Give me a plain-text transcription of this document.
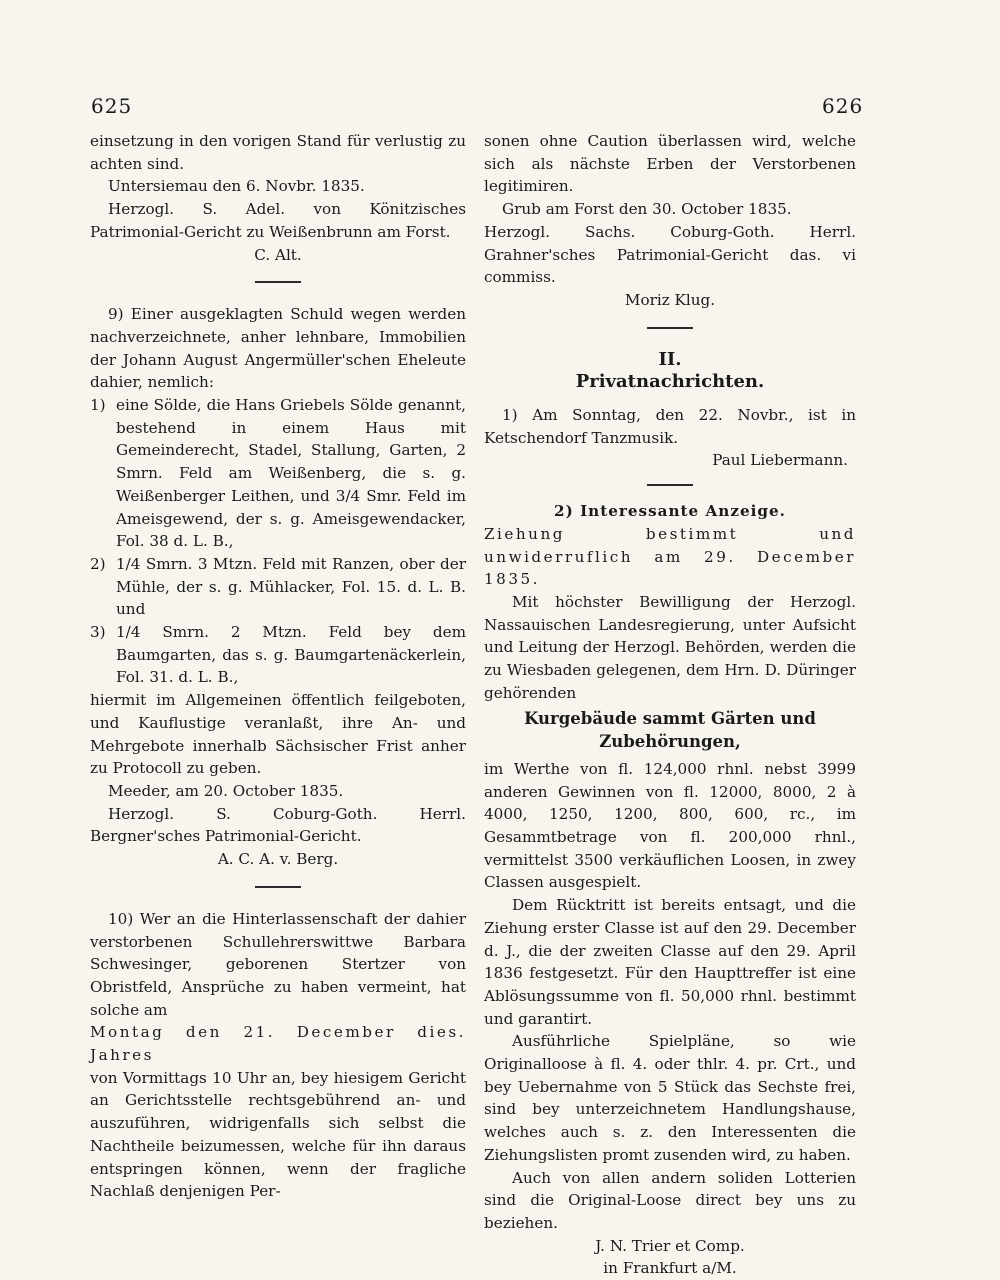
625	626

einsetzung in den vorigen Stand für verlustig zu achten sind.

Untersiemau den 6. Novbr. 1835.

Herzogl. S. Adel. von Könitzisches Patrimonial-Gericht zu Weißenbrunn am Forst.

C. Alt.

9) Einer ausgeklagten Schuld wegen werden nachverzeichnete, anher lehnbare, Immobilien der Johann August Angermüller'schen Eheleute dahier, nemlich:

1) eine Sölde, die Hans Griebels Sölde genannt, bestehend in einem Haus mit Gemeinderecht, Stadel, Stallung, Garten, 2 Smrn. Feld am Weißenberg, die s. g. Weißenberger Leithen, und 3/4 Smr. Feld im Ameisgewend, der s. g. Ameisgewendacker, Fol. 38 d. L. B.,
2) 1/4 Smrn. 3 Mtzn. Feld mit Ranzen, ober der Mühle, der s. g. Mühlacker, Fol. 15. d. L. B. und
3) 1/4 Smrn. 2 Mtzn. Feld bey dem Baumgarten, das s. g. Baumgartenäckerlein, Fol. 31. d. L. B.,

hiermit im Allgemeinen öffentlich feilgeboten, und Kauflustige veranlaßt, ihre An- und Mehrgebote innerhalb Sächsischer Frist anher zu Protocoll zu geben.

Meeder, am 20. October 1835.

Herzogl. S. Coburg-Goth. Herrl. Bergner'sches Patrimonial-Gericht.

A. C. A. v. Berg.

10) Wer an die Hinterlassenschaft der dahier verstorbenen Schullehrerswittwe Barbara Schwesinger, geborenen Stertzer von Obristfeld, Ansprüche zu haben vermeint, hat solche am

Montag den 21. December dies. Jahres

von Vormittags 10 Uhr an, bey hiesigem Gericht an Gerichtsstelle rechtsgebührend an- und auszuführen, widrigenfalls sich selbst die Nachtheile beizumessen, welche für ihn daraus entspringen können, wenn der fragliche Nachlaß denjenigen Per-

sonen ohne Caution überlassen wird, welche sich als nächste Erben der Verstorbenen legitimiren.

Grub am Forst den 30. October 1835.

Herzogl. Sachs. Coburg-Goth. Herrl. Grahner'sches Patrimonial-Gericht das. vi commiss.

Moriz Klug.

II.

Privatnachrichten.

1) Am Sonntag, den 22. Novbr., ist in Ketschendorf Tanzmusik.

Paul Liebermann.

2) Interessante Anzeige.

Ziehung bestimmt und unwiderruflich am 29. December 1835.

Mit höchster Bewilligung der Herzogl. Nassauischen Landesregierung, unter Aufsicht und Leitung der Herzogl. Behörden, werden die zu Wiesbaden gelegenen, dem Hrn. D. Düringer gehörenden

Kurgebäude sammt Gärten und Zubehörungen,

im Werthe von fl. 124,000 rhnl. nebst 3999 anderen Gewinnen von fl. 12000, 8000, 2 à 4000, 1250, 1200, 800, 600, rc., im Gesammtbetrage von fl. 200,000 rhnl., vermittelst 3500 verkäuflichen Loosen, in zwey Classen ausgespielt.

Dem Rücktritt ist bereits entsagt, und die Ziehung erster Classe ist auf den 29. December d. J., die der zweiten Classe auf den 29. April 1836 festgesetzt. Für den Haupttreffer ist eine Ablösungssumme von fl. 50,000 rhnl. bestimmt und garantirt.

Ausführliche Spielpläne, so wie Originalloose à fl. 4. oder thlr. 4. pr. Crt., und bey Uebernahme von 5 Stück das Sechste frei, sind bey unterzeichnetem Handlungshause, welches auch s. z. den Interessenten die Ziehungslisten promt zusenden wird, zu haben.

Auch von allen andern soliden Lotterien sind die Original-Loose direct bey uns zu beziehen.

J. N. Trier et Comp.

in Frankfurt a/M.
